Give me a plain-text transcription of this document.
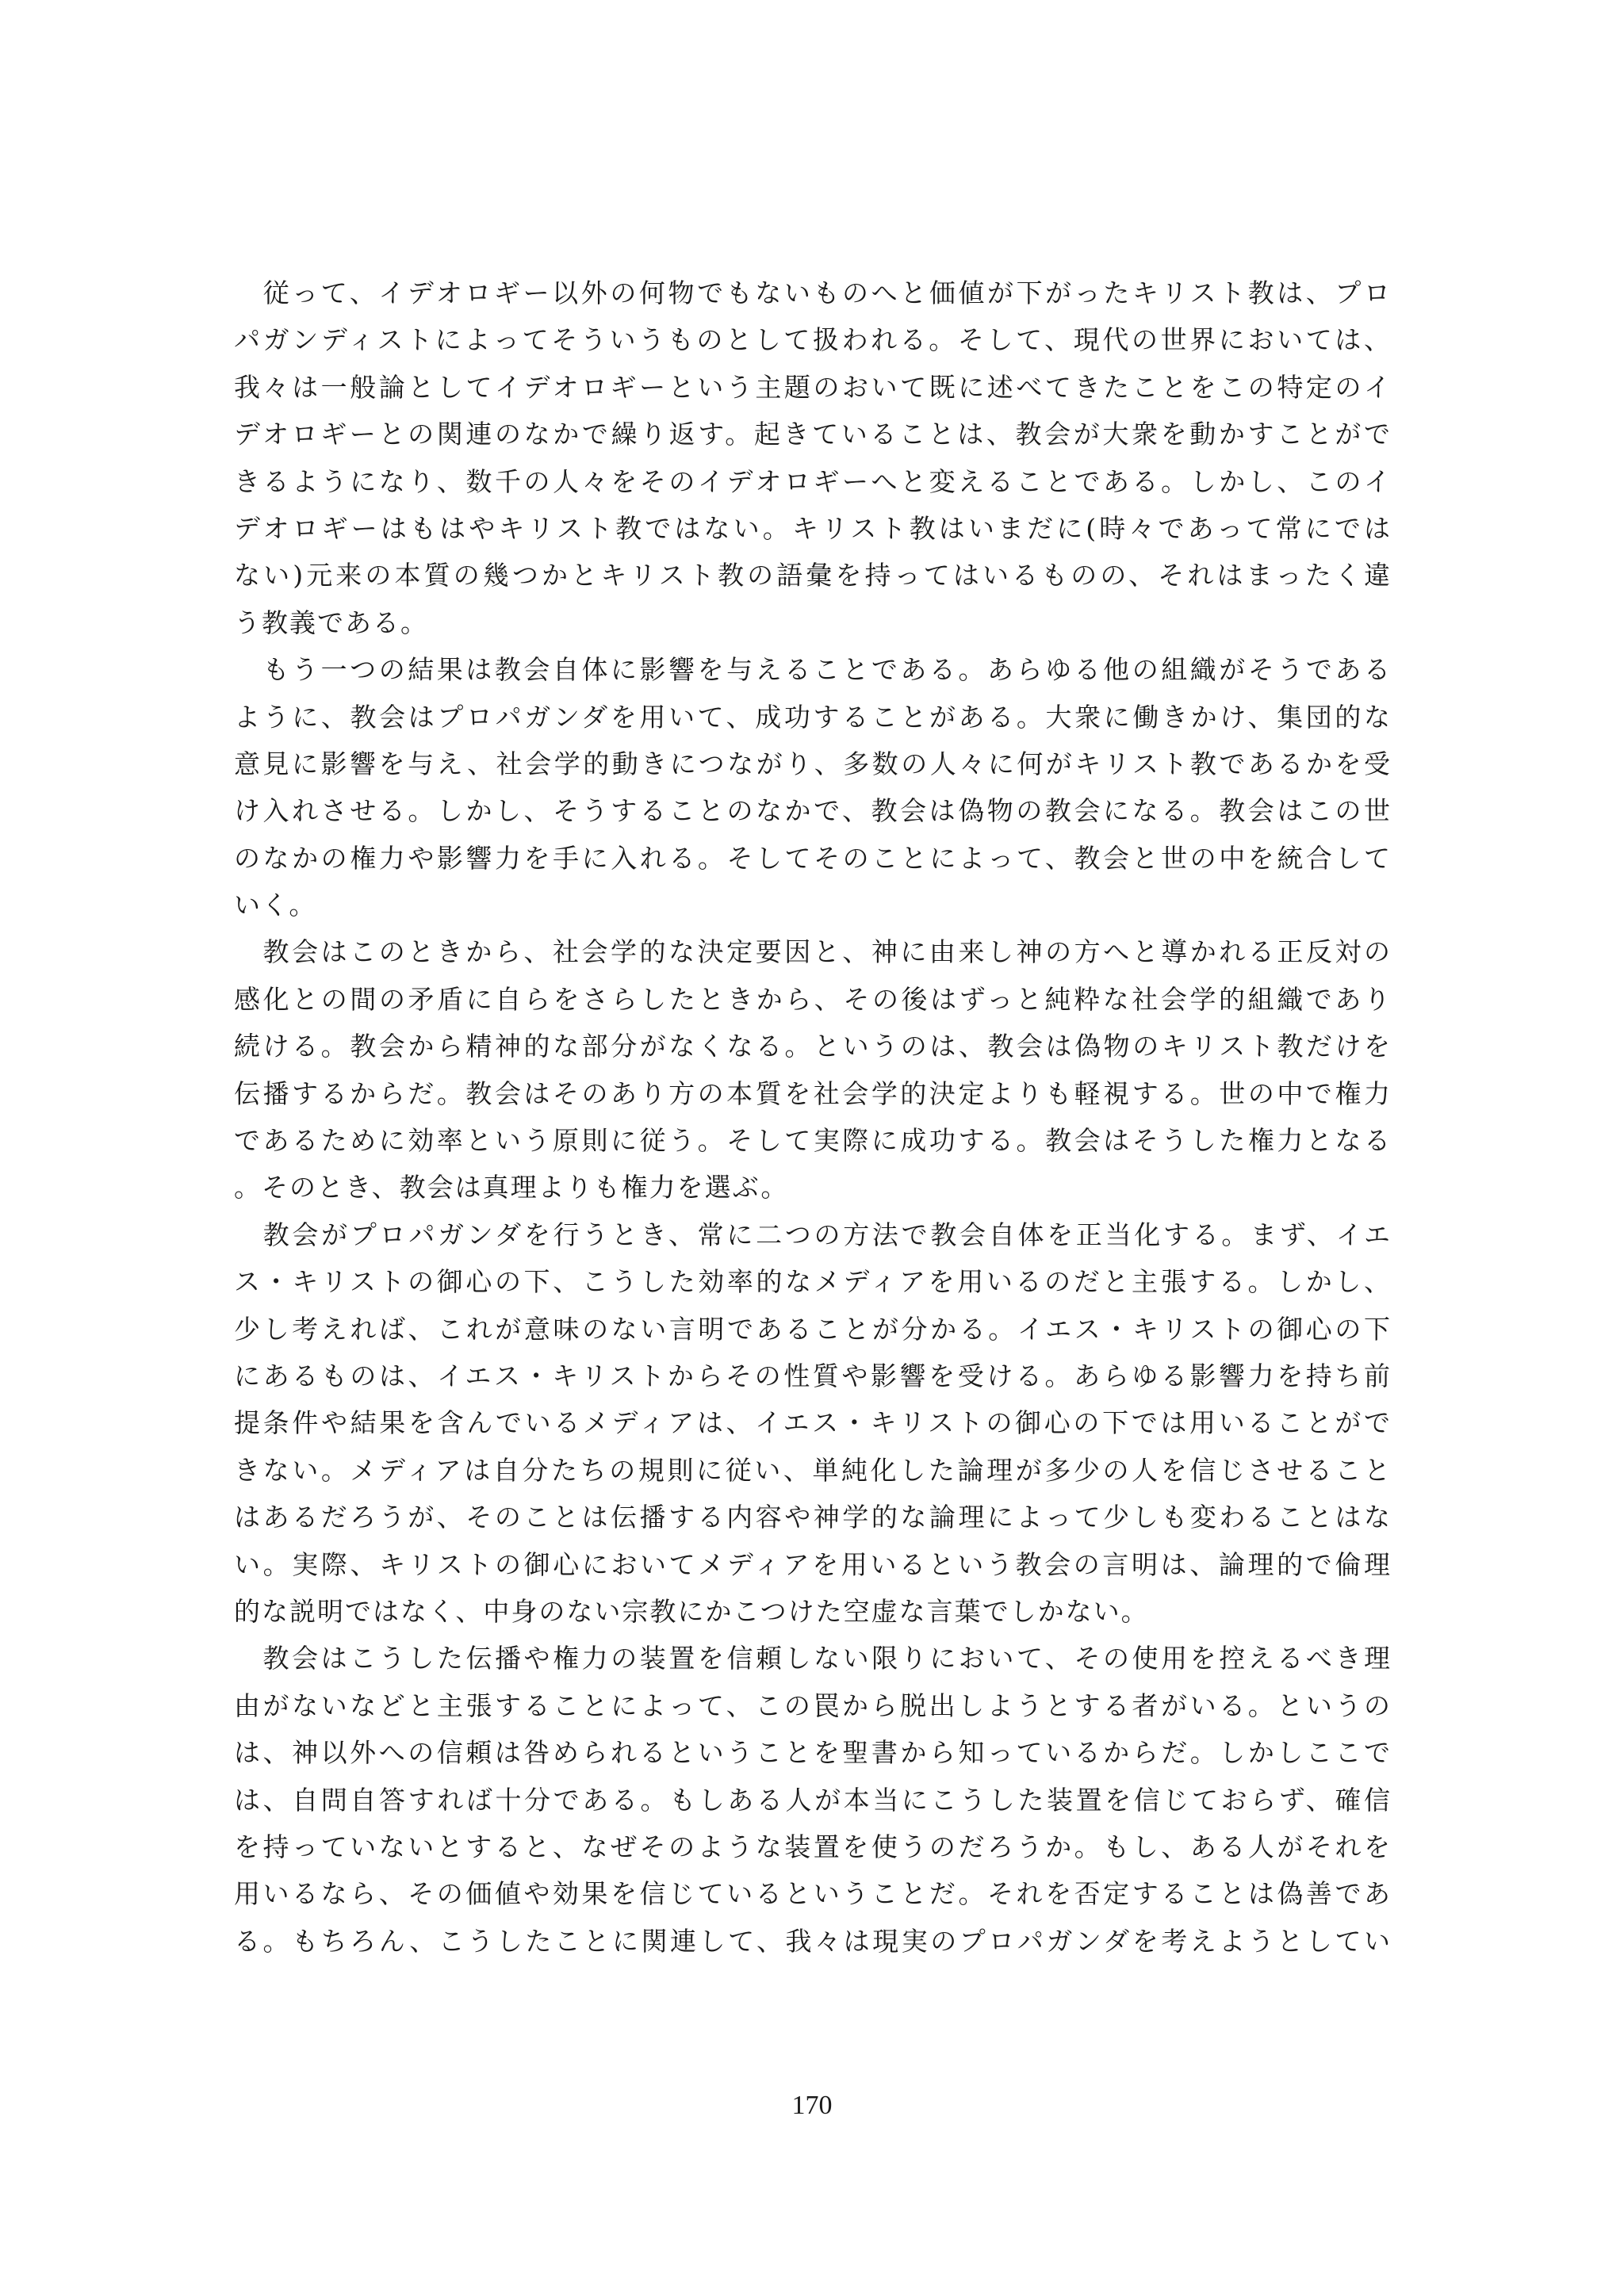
　従って、イデオロギー以外の何物でもないものへと価値が下がったキリスト教は、プロ
パガンディストによってそういうものとして扱われる。そして、現代の世界においては、
我々は一般論としてイデオロギーという主題のおいて既に述べてきたことをこの特定のイ
デオロギーとの関連のなかで繰り返す。起きていることは、教会が大衆を動かすことがで
きるようになり、数千の人々をそのイデオロギーへと変えることである。しかし、このイ
デオロギーはもはやキリスト教ではない。キリスト教はいまだに(時々であって常にでは
ない)元来の本質の幾つかとキリスト教の語彙を持ってはいるものの、それはまったく違
う教義である。
　もう一つの結果は教会自体に影響を与えることである。あらゆる他の組織がそうである
ように、教会はプロパガンダを用いて、成功することがある。大衆に働きかけ、集団的な
意見に影響を与え、社会学的動きにつながり、多数の人々に何がキリスト教であるかを受
け入れさせる。しかし、そうすることのなかで、教会は偽物の教会になる。教会はこの世
のなかの権力や影響力を手に入れる。そしてそのことによって、教会と世の中を統合して
いく。
　教会はこのときから、社会学的な決定要因と、神に由来し神の方へと導かれる正反対の
感化との間の矛盾に自らをさらしたときから、その後はずっと純粋な社会学的組織であり
続ける。教会から精神的な部分がなくなる。というのは、教会は偽物のキリスト教だけを
伝播するからだ。教会はそのあり方の本質を社会学的決定よりも軽視する。世の中で権力
であるために効率という原則に従う。そして実際に成功する。教会はそうした権力となる
。そのとき、教会は真理よりも権力を選ぶ。
　教会がプロパガンダを行うとき、常に二つの方法で教会自体を正当化する。まず、イエ
ス・キリストの御心の下、こうした効率的なメディアを用いるのだと主張する。しかし、
少し考えれば、これが意味のない言明であることが分かる。イエス・キリストの御心の下
にあるものは、イエス・キリストからその性質や影響を受ける。あらゆる影響力を持ち前
提条件や結果を含んでいるメディアは、イエス・キリストの御心の下では用いることがで
きない。メディアは自分たちの規則に従い、単純化した論理が多少の人を信じさせること
はあるだろうが、そのことは伝播する内容や神学的な論理によって少しも変わることはな
い。実際、キリストの御心においてメディアを用いるという教会の言明は、論理的で倫理
的な説明ではなく、中身のない宗教にかこつけた空虚な言葉でしかない。
　教会はこうした伝播や権力の装置を信頼しない限りにおいて、その使用を控えるべき理
由がないなどと主張することによって、この罠から脱出しようとする者がいる。というの
は、神以外への信頼は咎められるということを聖書から知っているからだ。しかしここで
は、自問自答すれば十分である。もしある人が本当にこうした装置を信じておらず、確信
を持っていないとすると、なぜそのような装置を使うのだろうか。もし、ある人がそれを
用いるなら、その価値や効果を信じているということだ。それを否定することは偽善であ
る。もちろん、こうしたことに関連して、我々は現実のプロパガンダを考えようとしてい
170
